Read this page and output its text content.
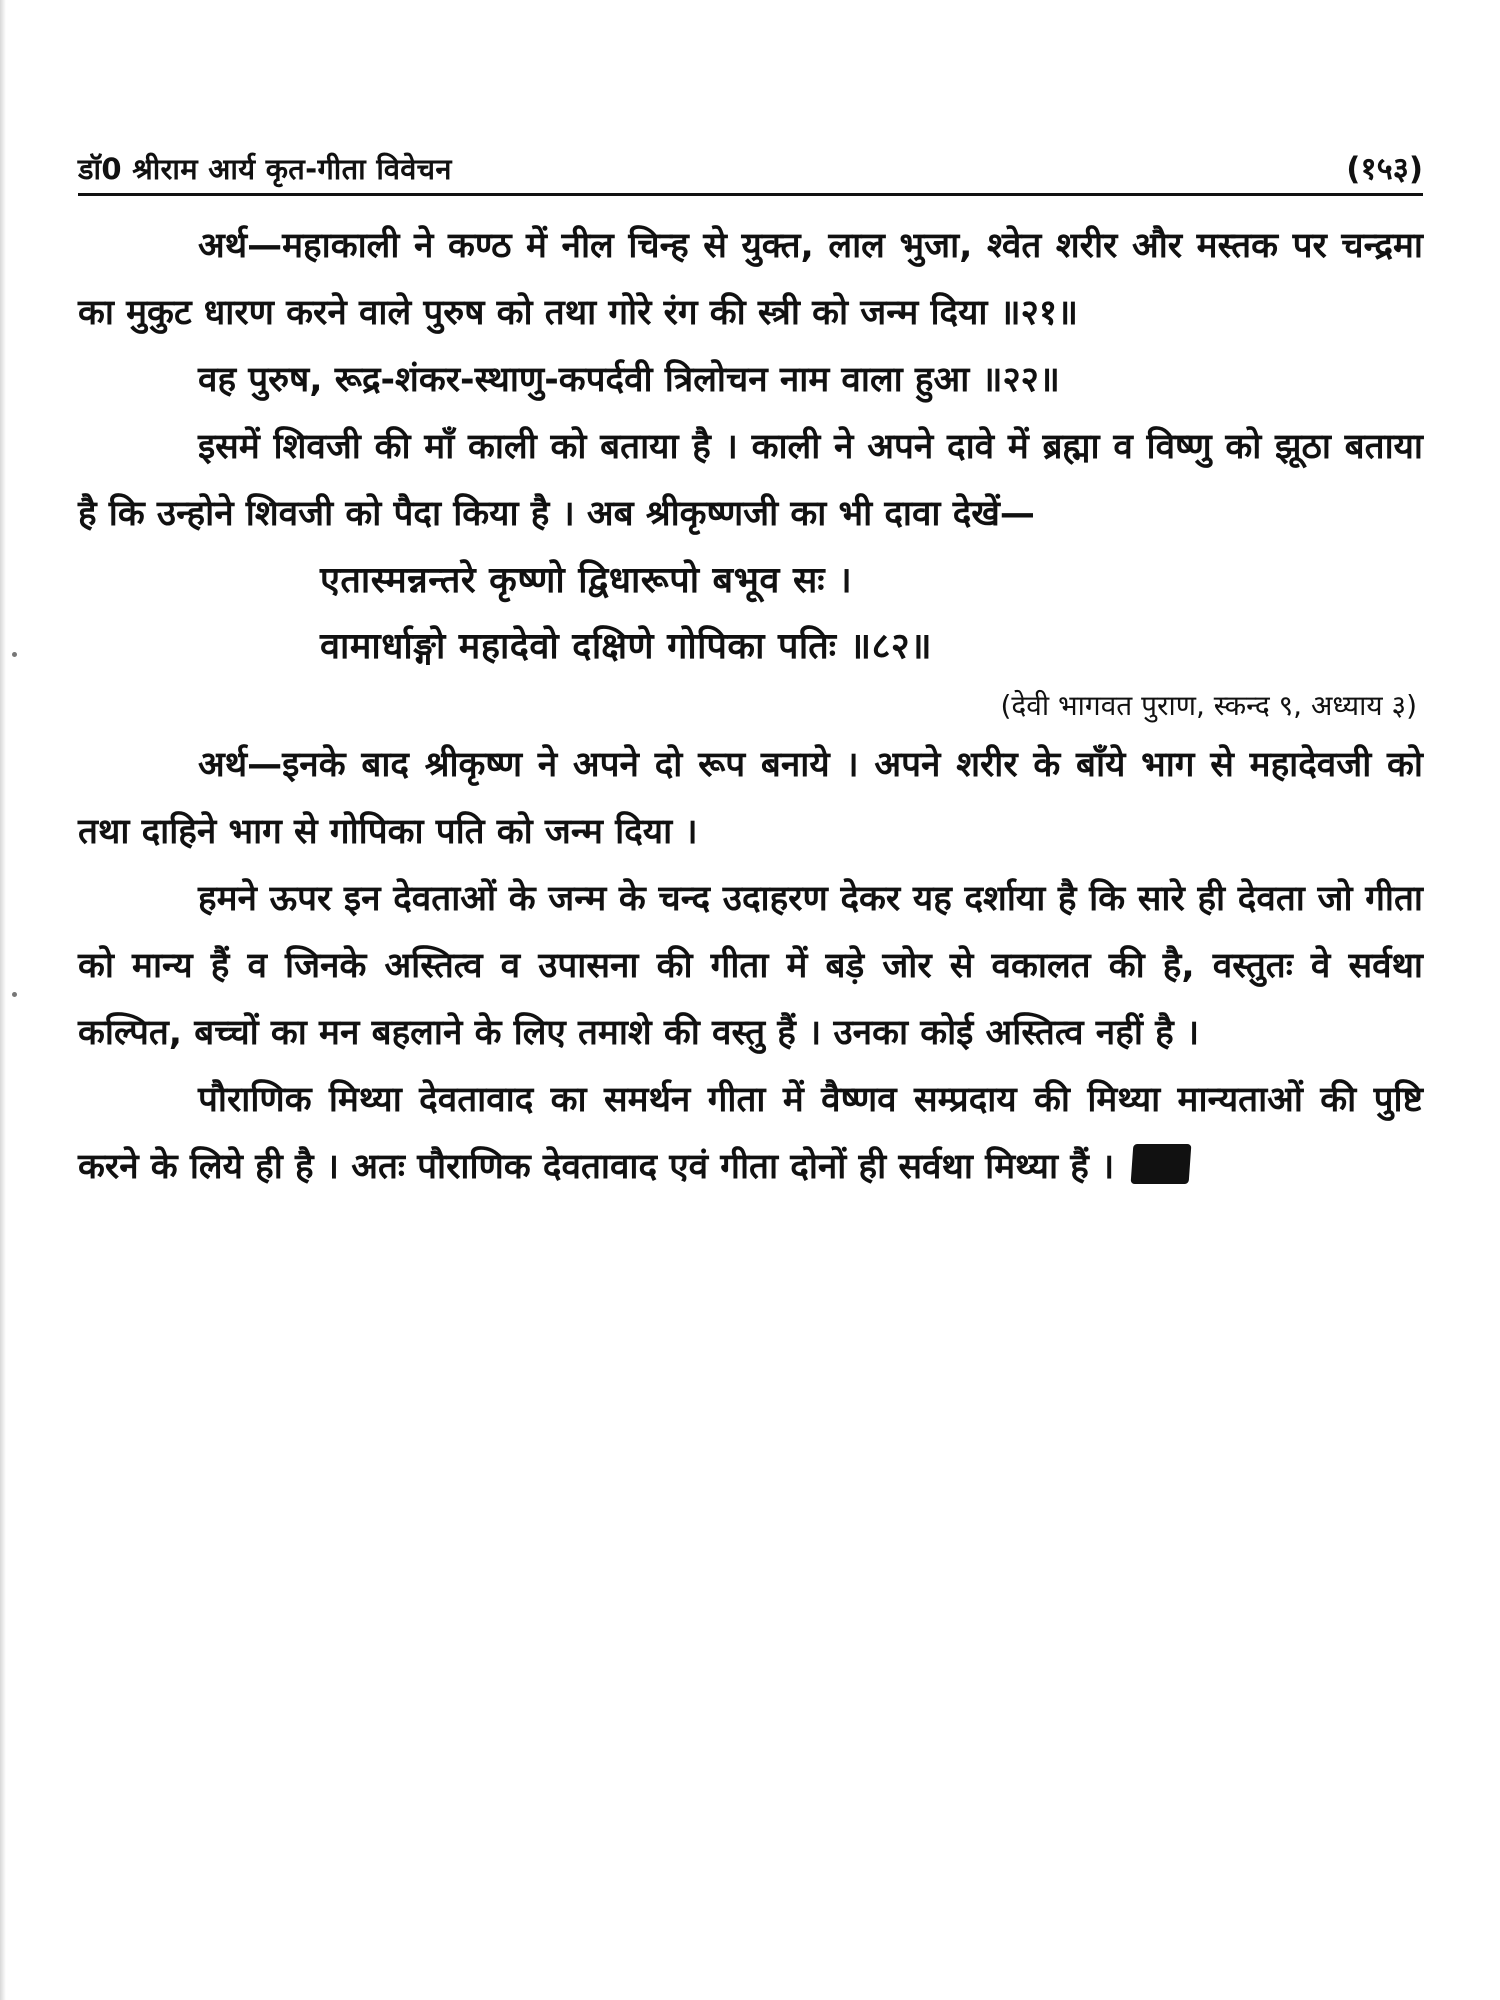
डॉ0 श्रीराम आर्य कृत-गीता विवेचन	(१५३)

अर्थ—महाकाली ने कण्ठ में नील चिन्ह से युक्त, लाल भुजा, श्वेत शरीर और मस्तक पर चन्द्रमा का मुकुट धारण करने वाले पुरुष को तथा गोरे रंग की स्त्री को जन्म दिया ॥२१॥

वह पुरुष, रूद्र-शंकर-स्थाणु-कपर्दवी त्रिलोचन नाम वाला हुआ ॥२२॥

इसमें शिवजी की माँ काली को बताया है । काली ने अपने दावे में ब्रह्मा व विष्णु को झूठा बताया है कि उन्होने शिवजी को पैदा किया है । अब श्रीकृष्णजी का भी दावा देखें—

एतास्मन्नन्तरे कृष्णो द्विधारूपो बभूव सः ।

वामार्धाङ्गो महादेवो दक्षिणे गोपिका पतिः ॥८२॥

(देवी भागवत पुराण, स्कन्द ९, अध्याय ३)

अर्थ—इनके बाद श्रीकृष्ण ने अपने दो रूप बनाये । अपने शरीर के बाँये भाग से महादेवजी को तथा दाहिने भाग से गोपिका पति को जन्म दिया ।

हमने ऊपर इन देवताओं के जन्म के चन्द उदाहरण देकर यह दर्शाया है कि सारे ही देवता जो गीता को मान्य हैं व जिनके अस्तित्व व उपासना की गीता में बड़े जोर से वकालत की है, वस्तुतः वे सर्वथा कल्पित, बच्चों का मन बहलाने के लिए तमाशे की वस्तु हैं । उनका कोई अस्तित्व नहीं है ।

पौराणिक मिथ्या देवतावाद का समर्थन गीता में वैष्णव सम्प्रदाय की मिथ्या मान्यताओं की पुष्टि करने के लिये ही है । अतः पौराणिक देवतावाद एवं गीता दोनों ही सर्वथा मिथ्या हैं ।
